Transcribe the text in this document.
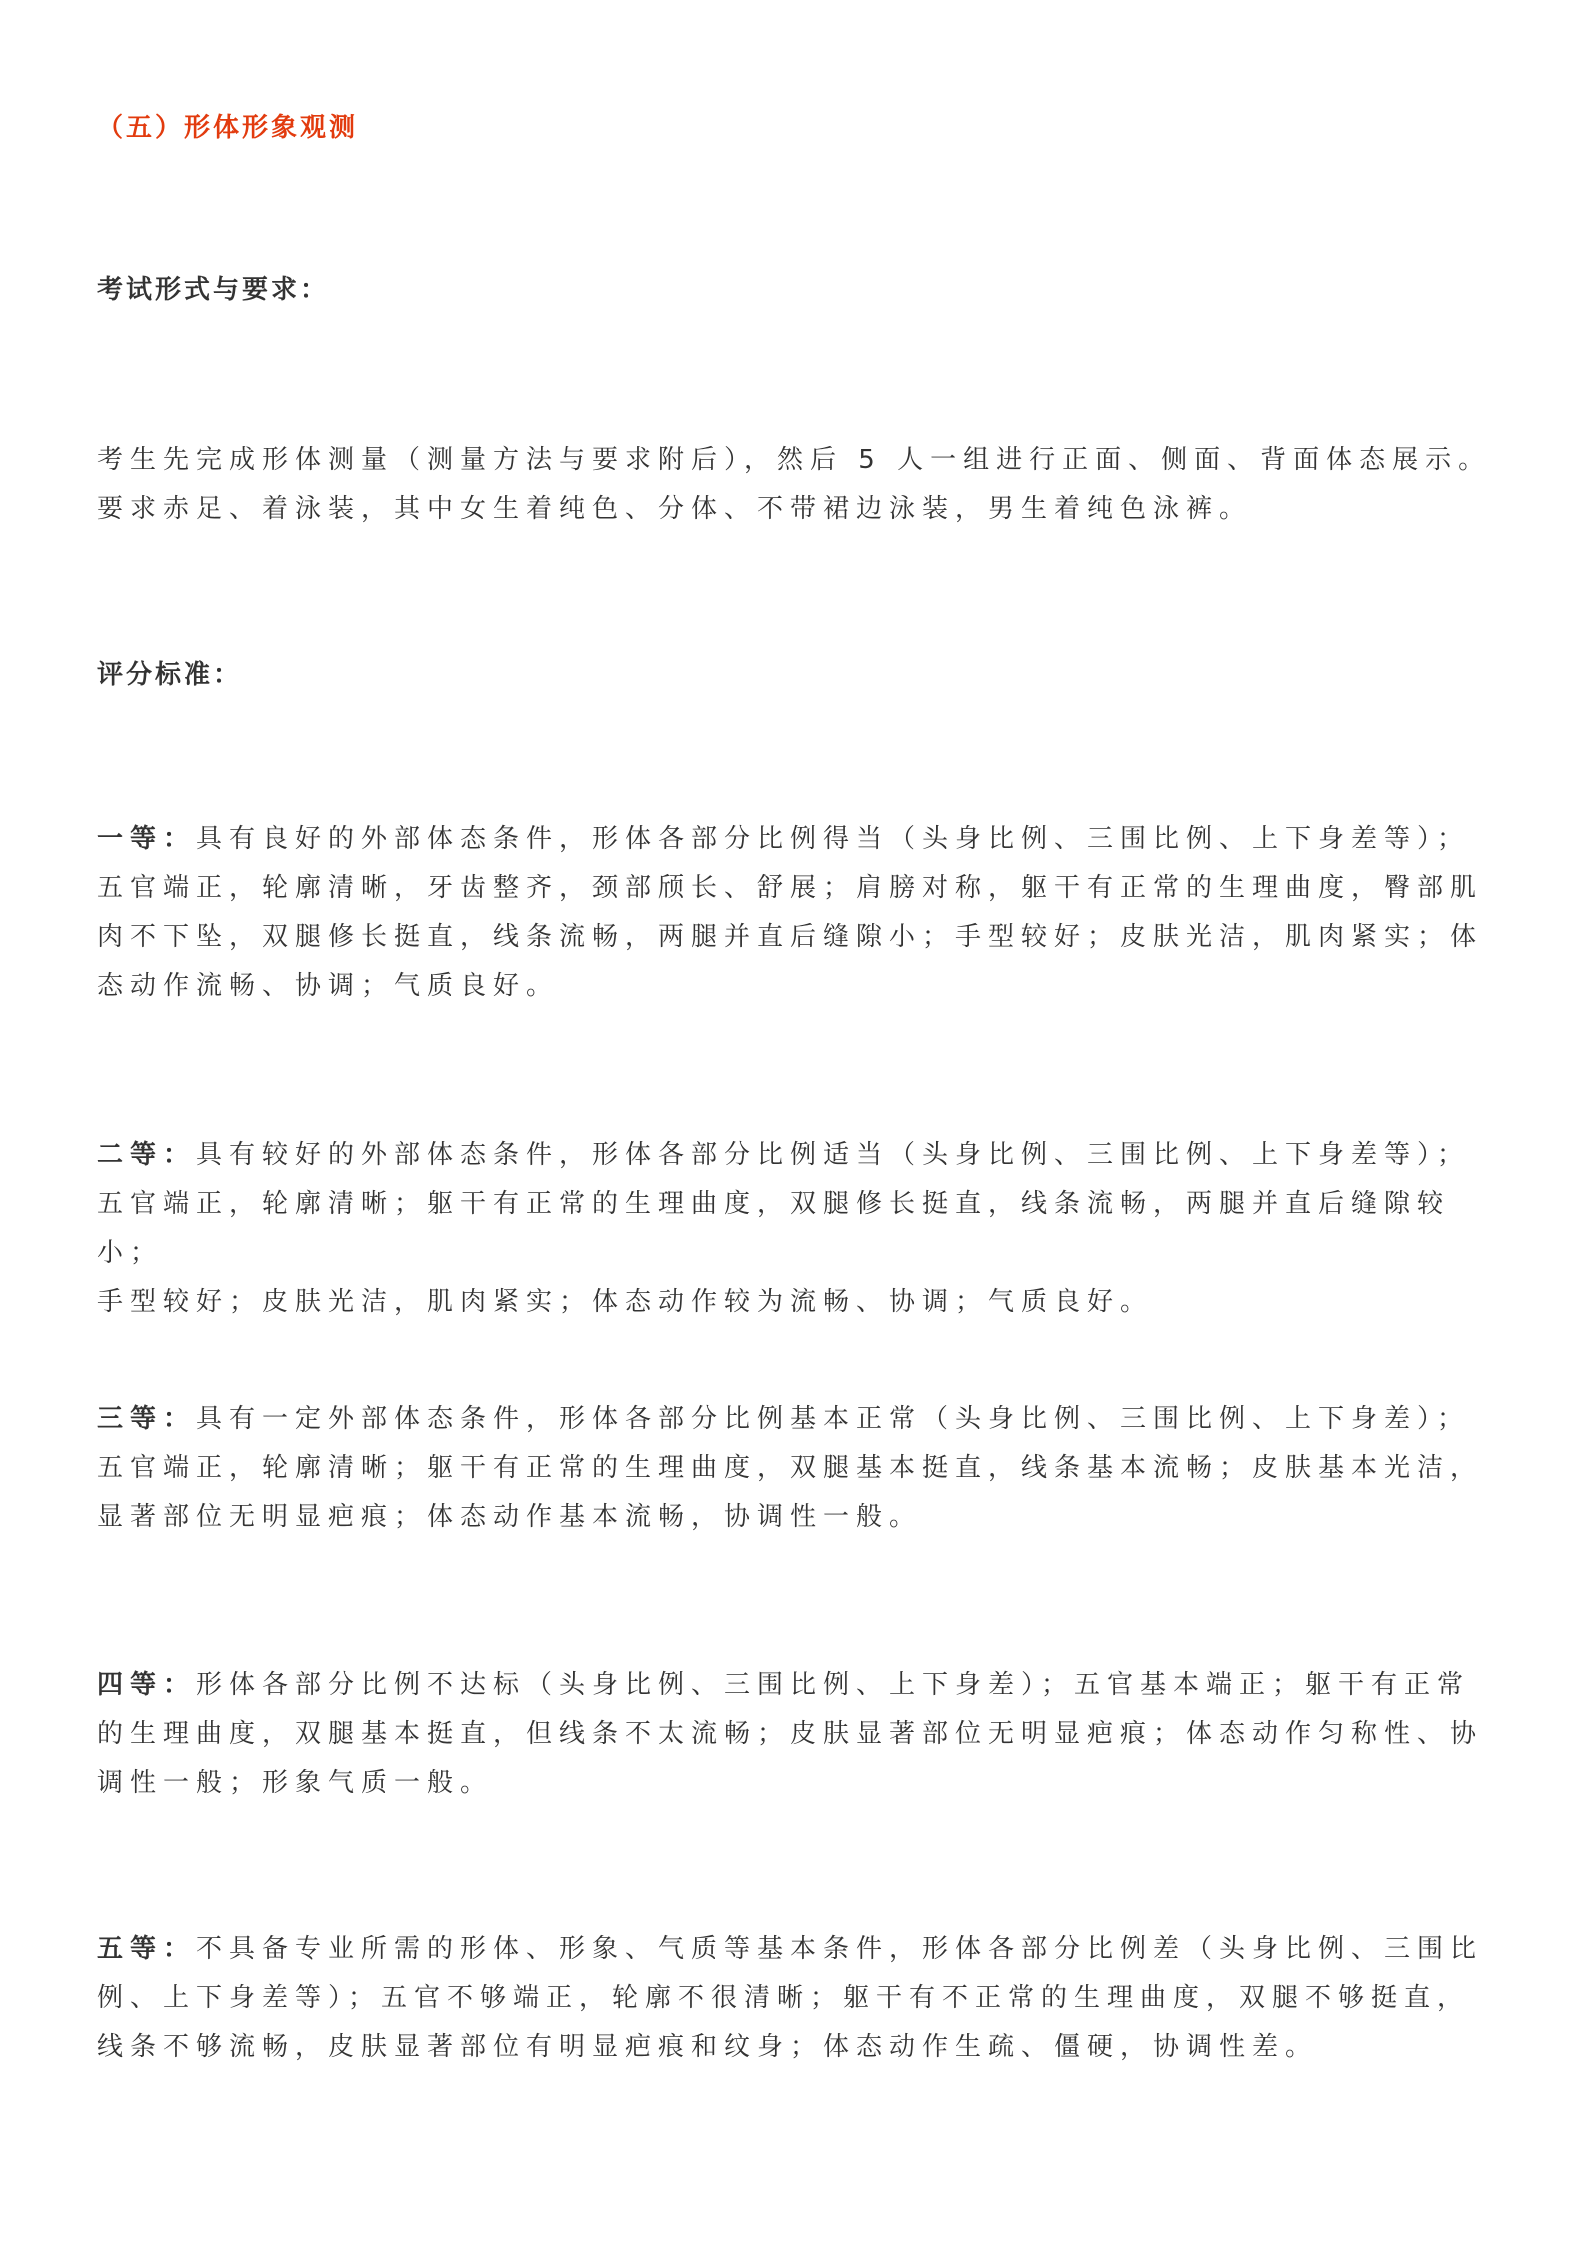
（五）形体形象观测
考试形式与要求：
考生先完成形体测量（测量方法与要求附后），然后 5 人一组进行正面、侧面、背面体态展示。
要求赤足、着泳装，其中女生着纯色、分体、不带裙边泳装，男生着纯色泳裤。
评分标准：
一等：具有良好的外部体态条件，形体各部分比例得当（头身比例、三围比例、上下身差等）；
五官端正，轮廓清晰，牙齿整齐，颈部颀长、舒展；肩膀对称，躯干有正常的生理曲度，臀部肌
肉不下坠，双腿修长挺直，线条流畅，两腿并直后缝隙小；手型较好；皮肤光洁，肌肉紧实；体
态动作流畅、协调；气质良好。
二等：具有较好的外部体态条件，形体各部分比例适当（头身比例、三围比例、上下身差等）；
五官端正，轮廓清晰；躯干有正常的生理曲度，双腿修长挺直，线条流畅，两腿并直后缝隙较小；
手型较好；皮肤光洁，肌肉紧实；体态动作较为流畅、协调；气质良好。
三等：具有一定外部体态条件，形体各部分比例基本正常（头身比例、三围比例、上下身差）；
五官端正，轮廓清晰；躯干有正常的生理曲度，双腿基本挺直，线条基本流畅；皮肤基本光洁，
显著部位无明显疤痕；体态动作基本流畅，协调性一般。
四等：形体各部分比例不达标（头身比例、三围比例、上下身差）；五官基本端正；躯干有正常
的生理曲度，双腿基本挺直，但线条不太流畅；皮肤显著部位无明显疤痕；体态动作匀称性、协
调性一般；形象气质一般。
五等：不具备专业所需的形体、形象、气质等基本条件，形体各部分比例差（头身比例、三围比
例、上下身差等）；五官不够端正，轮廓不很清晰；躯干有不正常的生理曲度，双腿不够挺直，
线条不够流畅，皮肤显著部位有明显疤痕和纹身；体态动作生疏、僵硬，协调性差。
